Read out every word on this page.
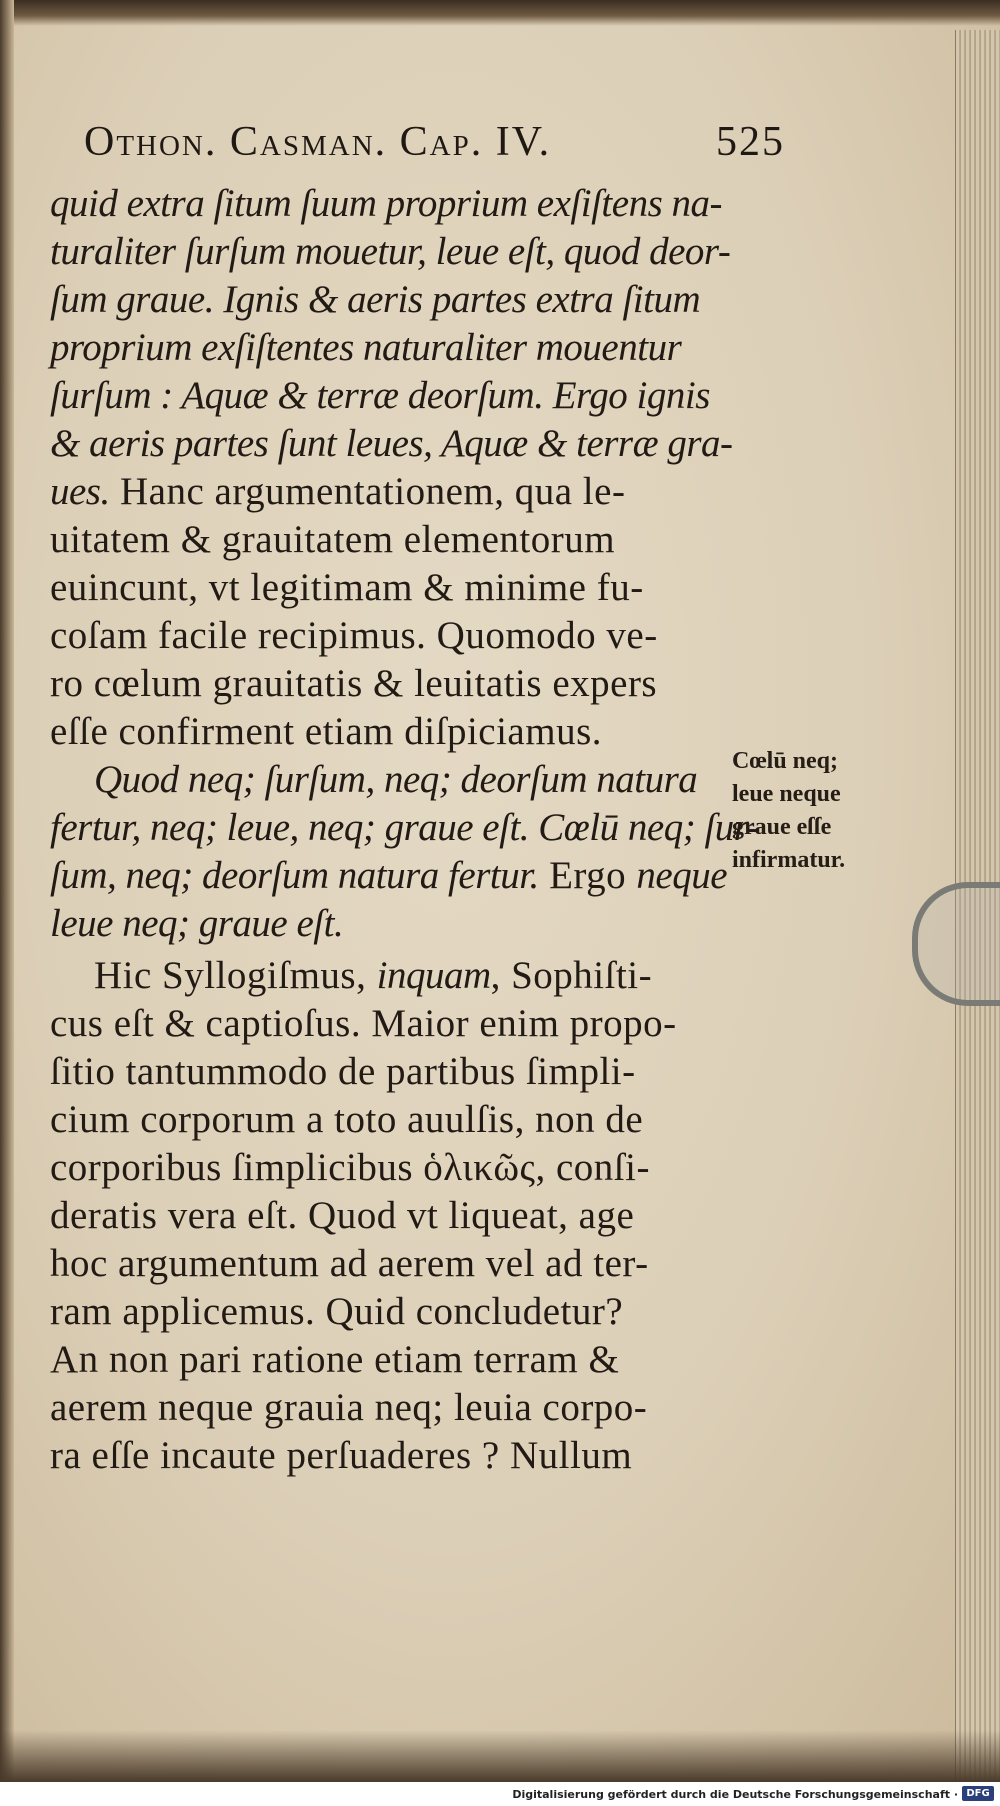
Othon. Casman. Cap. IV.	525
quid extra ſitum ſuum proprium exſiſtens na-
turaliter ſurſum mouetur, leue eſt, quod deor-
ſum graue. Ignis & aeris partes extra ſitum
proprium exſiſtentes naturaliter mouentur
ſurſum : Aquæ & terræ deorſum. Ergo ignis
& aeris partes ſunt leues, Aquæ & terræ gra-
ues. Hanc argumentationem, qua le-
uitatem & grauitatem elementorum
euincunt, vt legitimam & minime fu-
coſam facile recipimus. Quomodo ve-
ro cœlum grauitatis & leuitatis expers
eſſe confirment etiam diſpiciamus.
Quod neq; ſurſum, neq; deorſum natura
fertur, neq; leue, neq; graue eſt. Cœlū neq; ſur-
ſum, neq; deorſum natura fertur. Ergo neque
leue neq; graue eſt.
Hic Syllogiſmus, inquam, Sophiſti-
cus eſt & captioſus. Maior enim propo-
ſitio tantummodo de partibus ſimpli-
cium corporum a toto auulſis, non de
corporibus ſimplicibus ὁλικῶς, conſi-
deratis vera eſt. Quod vt liqueat, age
hoc argumentum ad aerem vel ad ter-
ram applicemus. Quid concludetur?
An non pari ratione etiam terram &
aerem neque grauia neq; leuia corpo-
ra eſſe incaute perſuaderes ? Nullum
Cœlū neq;
leue neque
graue eſſe
infirmatur.
Digitalisierung gefördert durch die Deutsche Forschungsgemeinschaft · DFG
